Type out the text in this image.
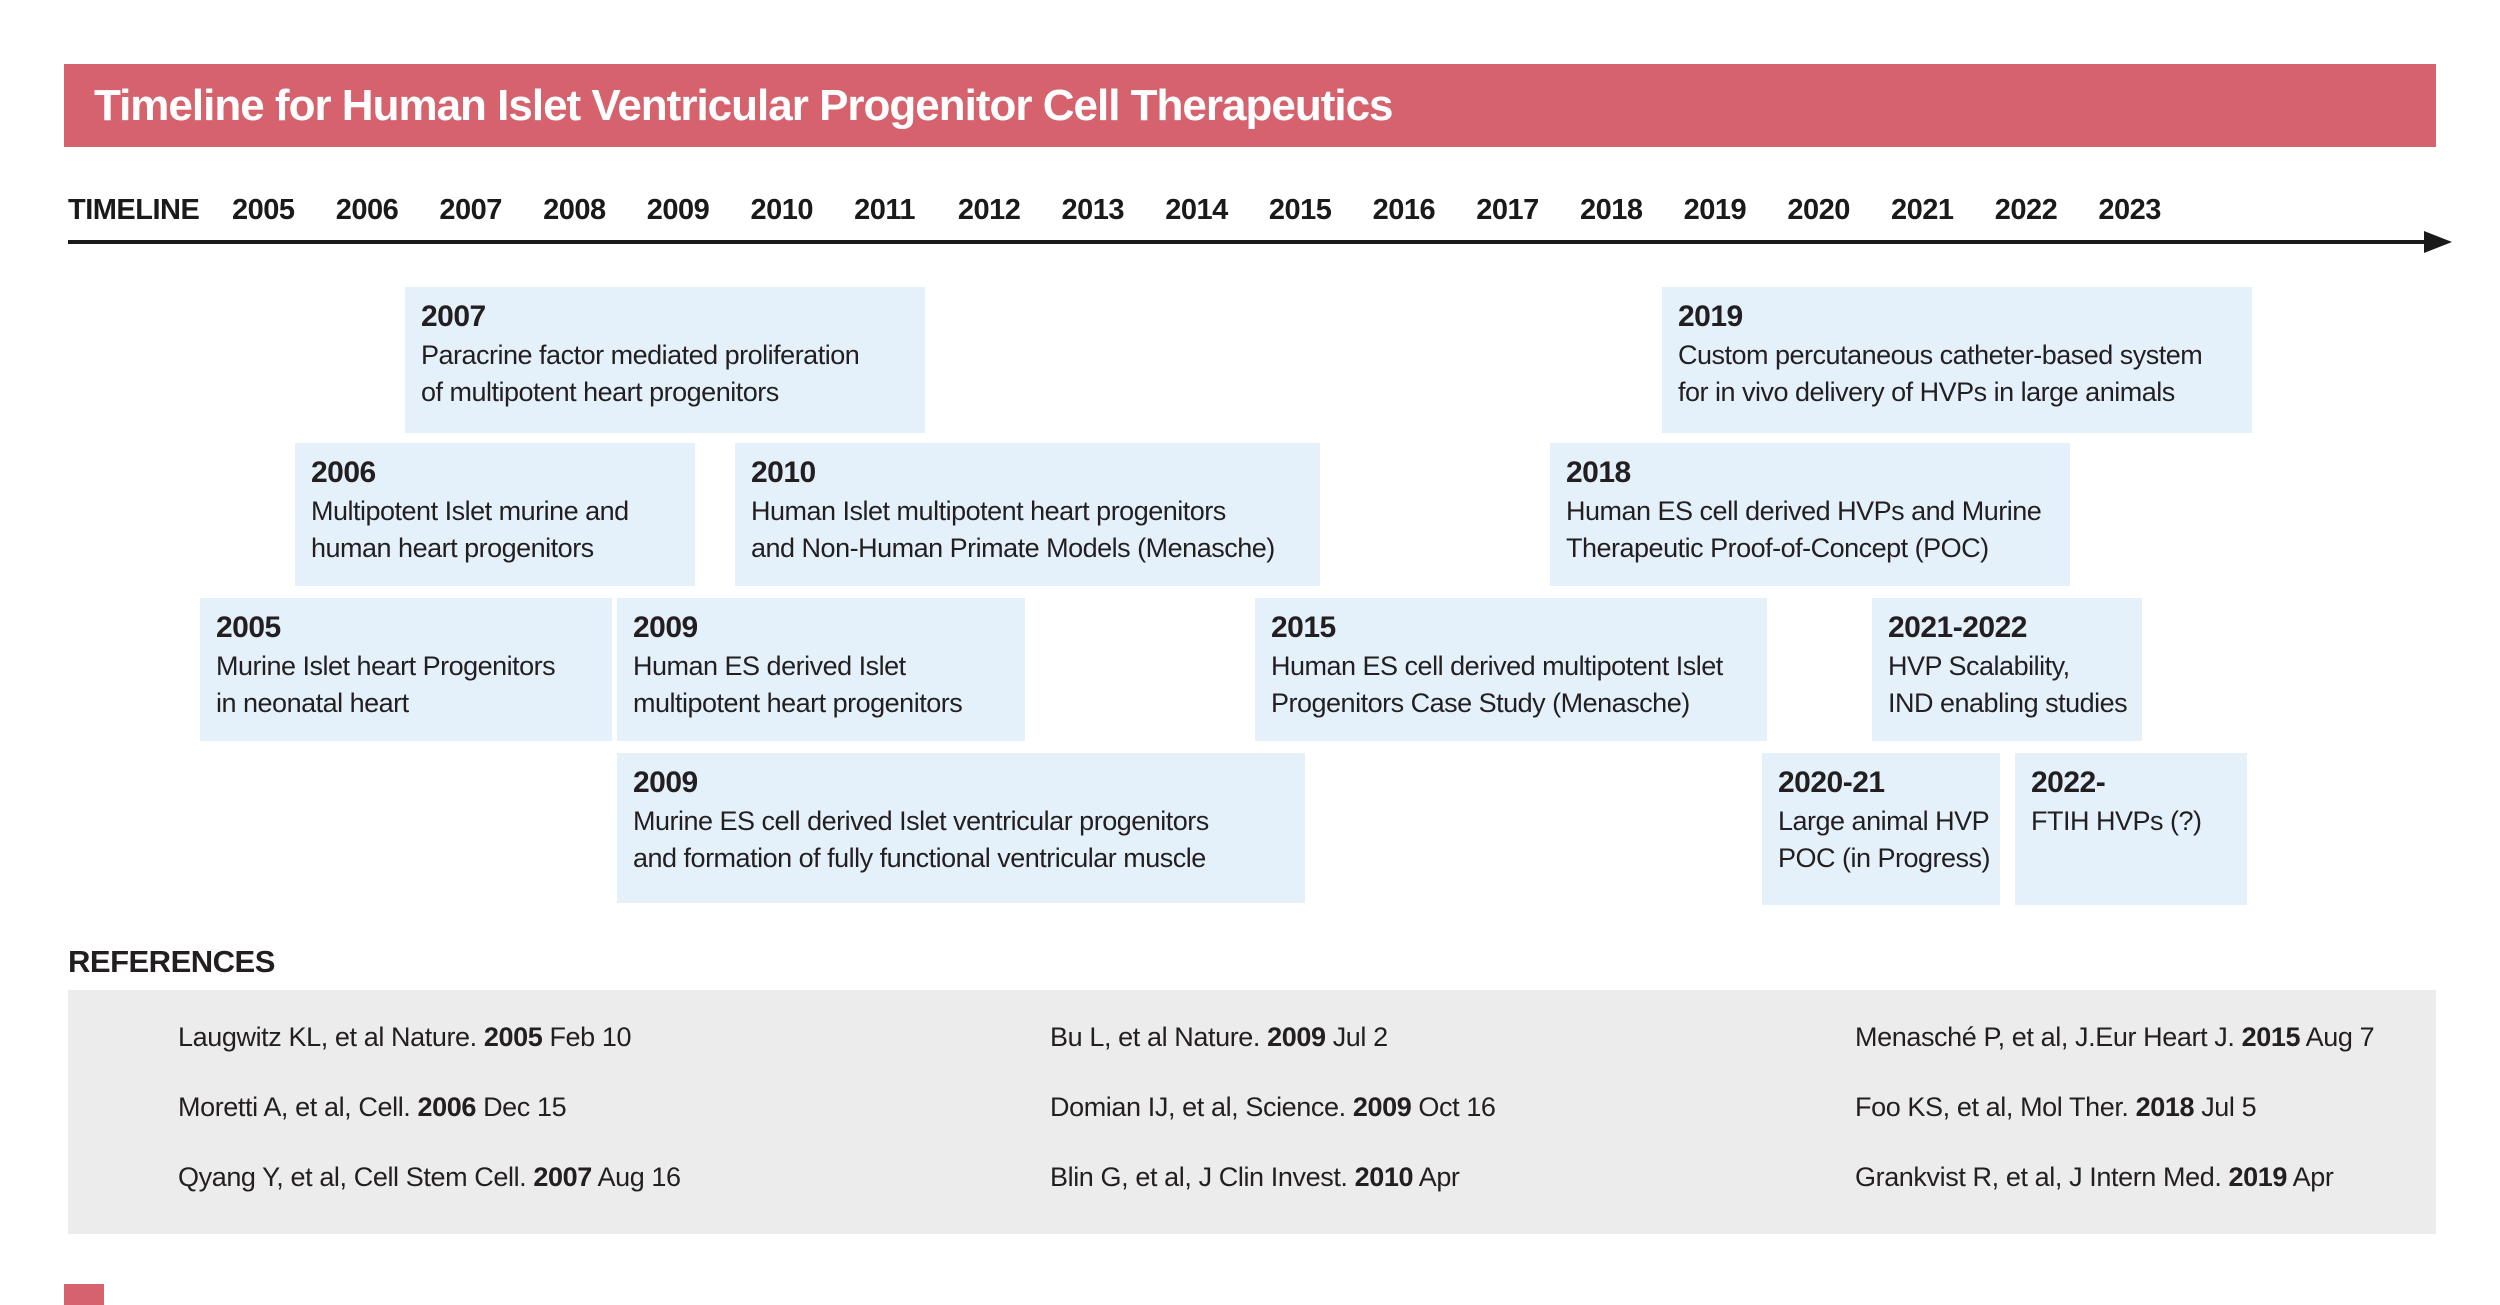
Timeline for Human Islet Ventricular Progenitor Cell Therapeutics
TIMELINE	2005	2006	2007	2008	2009	2010	2011	2012	2013	2014	2015	2016	2017	2018	2019	2020	2021	2022	2023
2007
Paracrine factor mediated proliferation
of multipotent heart progenitors
2019
Custom percutaneous catheter-based system
for in vivo delivery of HVPs in large animals
2006
Multipotent Islet murine and
human heart progenitors
2010
Human Islet multipotent heart progenitors
and Non-Human Primate Models (Menasche)
2018
Human ES cell derived HVPs and Murine
Therapeutic Proof-of-Concept (POC)
2005
Murine Islet heart Progenitors
in neonatal heart
2009
Human ES derived Islet
multipotent heart progenitors
2015
Human ES cell derived multipotent Islet
Progenitors Case Study (Menasche)
2021-2022
HVP Scalability,
IND enabling studies
2009
Murine ES cell derived Islet ventricular progenitors
and formation of fully functional ventricular muscle
2020-21
Large animal HVP
POC (in Progress)
2022-
FTIH HVPs (?)
REFERENCES
Laugwitz KL, et al Nature. 2005 Feb 10
Moretti A, et al, Cell. 2006 Dec 15
Qyang Y, et al, Cell Stem Cell. 2007 Aug 16
Bu L, et al Nature. 2009 Jul 2
Domian IJ, et al, Science. 2009 Oct 16
Blin G, et al, J Clin Invest. 2010 Apr
Menasché P, et al, J.Eur Heart J. 2015 Aug 7
Foo KS, et al, Mol Ther. 2018 Jul 5
Grankvist R, et al, J Intern Med. 2019 Apr
